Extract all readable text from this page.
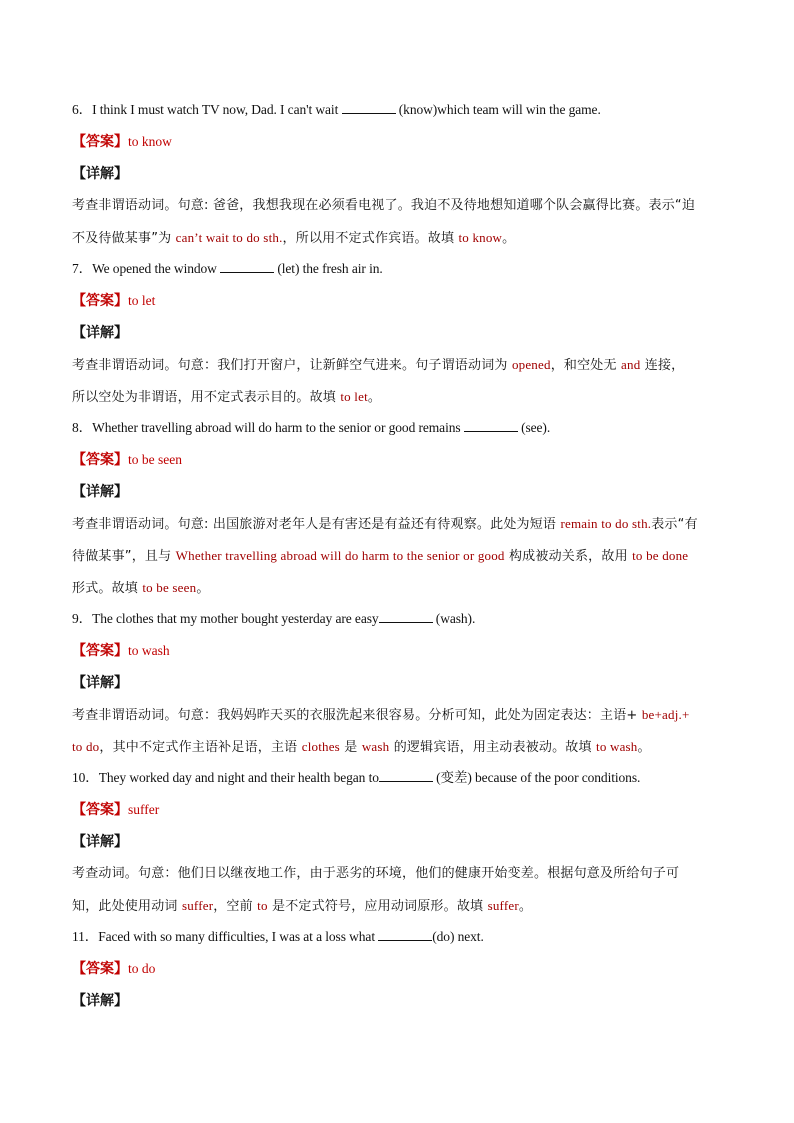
6．I think I must watch TV now, Dad. I can't wait	(know)which team will win the game.
【答案】to know
【详解】
考查非谓语动词。句意: 爸爸，我想我现在必须看电视了。我迫不及待地想知道哪个队会赢得比赛。表示“迫
不及待做某事”为 can’t wait to do sth.，所以用不定式作宾语。故填 to know。
7．We opened the window	(let) the fresh air in.
【答案】to let
【详解】
考查非谓语动词。句意：我们打开窗户，让新鲜空气进来。句子谓语动词为 opened，和空处无 and 连接，
所以空处为非谓语，用不定式表示目的。故填 to let。
8．Whether travelling abroad will do harm to the senior or good remains	(see).
【答案】to be seen
【详解】
考查非谓语动词。句意: 出国旅游对老年人是有害还是有益还有待观察。此处为短语 remain to do sth.表示“有
待做某事”，且与 Whether travelling abroad will do harm to the senior or good 构成被动关系，故用 to be done
形式。故填 to be seen。
9．The clothes that my mother bought yesterday are easy	(wash).
【答案】to wash
【详解】
考查非谓语动词。句意：我妈妈昨天买的衣服洗起来很容易。分析可知，此处为固定表达：主语+ be+adj.+
to do，其中不定式作主语补足语，主语 clothes 是 wash 的逻辑宾语，用主动表被动。故填 to wash。
10．They worked day and night and their health began to	(变差) because of the poor conditions.
【答案】suffer
【详解】
考查动词。句意：他们日以继夜地工作，由于恶劣的环境，他们的健康开始变差。根据句意及所给句子可
知，此处使用动词 suffer，空前 to 是不定式符号，应用动词原形。故填 suffer。
11．Faced with so many difficulties, I was at a loss what	(do) next.
【答案】to do
【详解】
